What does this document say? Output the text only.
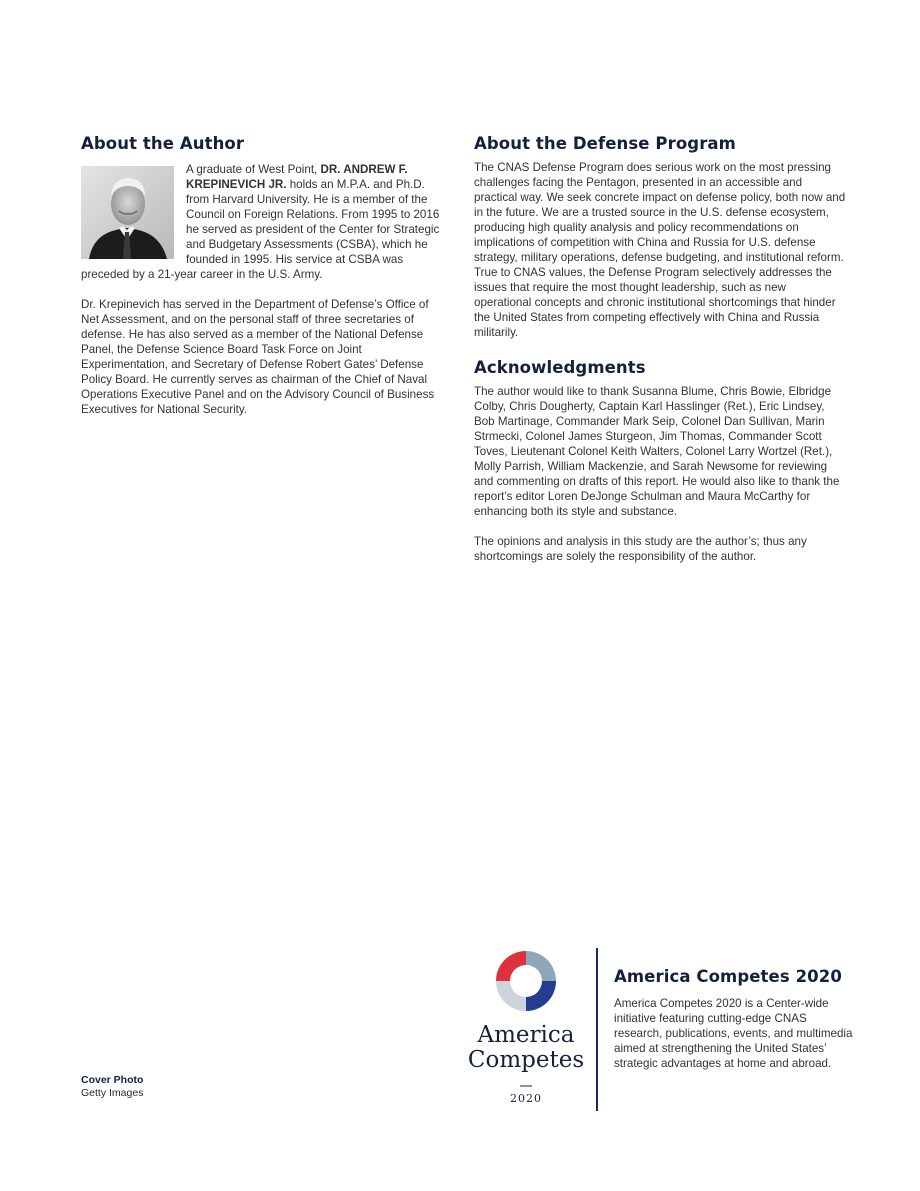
About the Author

A graduate of West Point, DR. ANDREW F. KREPINEVICH JR. holds an M.P.A. and Ph.D. from Harvard University. He is a member of the Council on Foreign Relations. From 1995 to 2016 he served as president of the Center for Strategic and Budgetary Assessments (CSBA), which he founded in 1995. His service at CSBA was preceded by a 21-year career in the U.S. Army.

Dr. Krepinevich has served in the Department of Defense’s Office of Net Assessment, and on the personal staff of three secretaries of defense. He has also served as a member of the National Defense Panel, the Defense Science Board Task Force on Joint Experimentation, and Secretary of Defense Robert Gates’ Defense Policy Board. He currently serves as chairman of the Chief of Naval Operations Executive Panel and on the Advisory Council of Business Executives for National Security.

About the Defense Program

The CNAS Defense Program does serious work on the most pressing challenges facing the Pentagon, presented in an accessible and practical way. We seek concrete impact on defense policy, both now and in the future. We are a trusted source in the U.S. defense ecosystem, producing high quality analysis and policy recommendations on implications of competition with China and Russia for U.S. defense strategy, military operations, defense budgeting, and institutional reform. True to CNAS values, the Defense Program selectively addresses the issues that require the most thought leadership, such as new operational concepts and chronic institutional shortcomings that hinder the United States from competing effectively with China and Russia militarily.

Acknowledgments

The author would like to thank Susanna Blume, Chris Bowie, Elbridge Colby, Chris Dougherty, Captain Karl Hasslinger (Ret.), Eric Lindsey, Bob Martinage, Commander Mark Seip, Colonel Dan Sullivan, Marin Strmecki, Colonel James Sturgeon, Jim Thomas, Commander Scott Toves, Lieutenant Colonel Keith Walters, Colonel Larry Wortzel (Ret.), Molly Parrish, William Mackenzie, and Sarah Newsome for reviewing and commenting on drafts of this report. He would also like to thank the report’s editor Loren DeJonge Schulman and Maura McCarthy for enhancing both its style and substance.

The opinions and analysis in this study are the author’s; thus any shortcomings are solely the responsibility of the author.

Cover Photo
Getty Images
America
Competes
2020
America Competes 2020

America Competes 2020 is a Center-wide initiative featuring cutting-edge CNAS research, publications, events, and multimedia aimed at strengthening the United States’ strategic advantages at home and abroad.
